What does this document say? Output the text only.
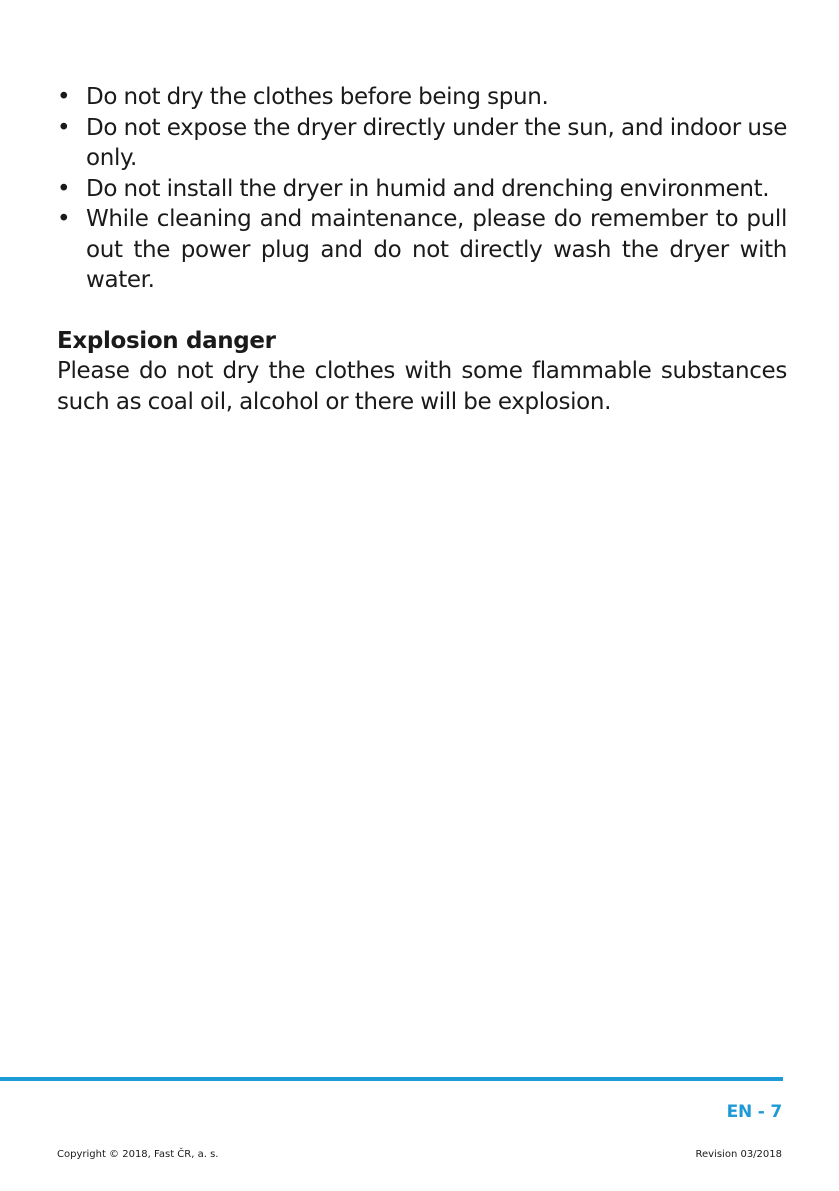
• Do not dry the clothes before being spun.
• Do not expose the dryer directly under the sun, and indoor use only.
• Do not install the dryer in humid and drenching environment.
• While cleaning and maintenance, please do remember to pull out the power plug and do not directly wash the dryer with water.
Explosion danger

Please do not dry the clothes with some flammable substances such as coal oil, alcohol or there will be explosion.

EN - 7
Copyright © 2018, Fast ČR, a. s.	Revision 03/2018
